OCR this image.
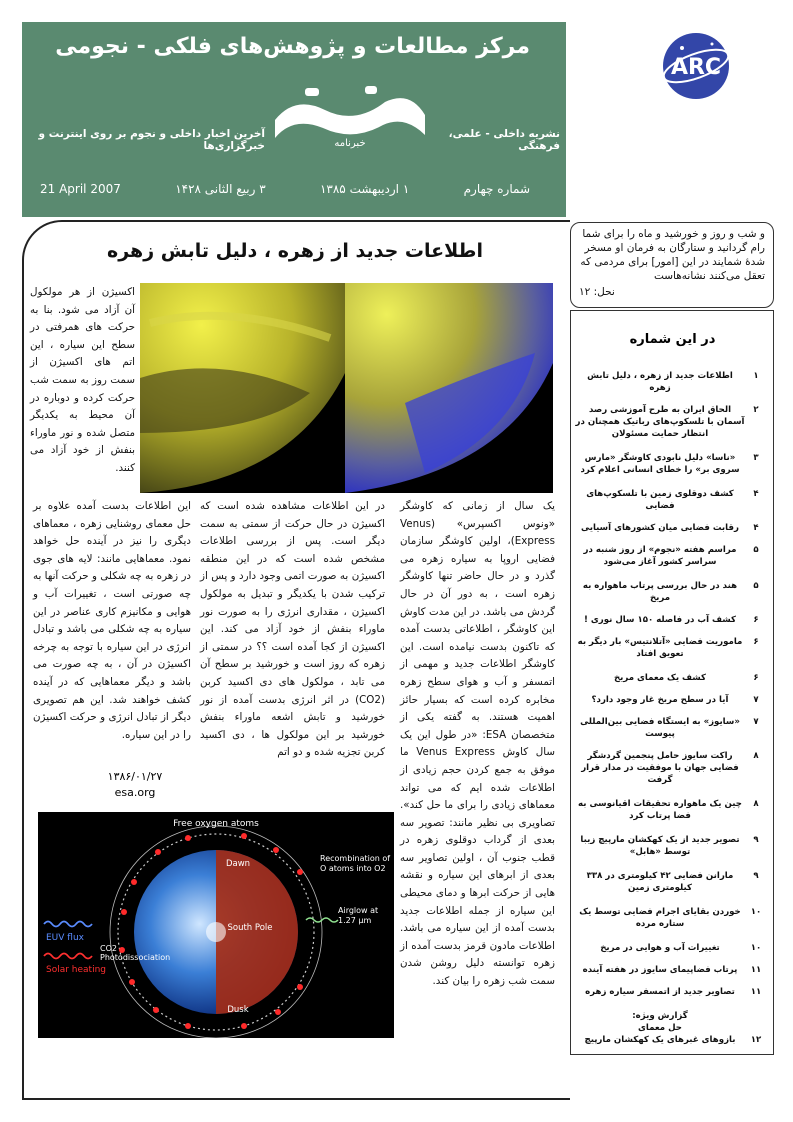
مرکز مطالعات و پژوهش‌های فلکی - نجومی
خبرنامه
آخرین اخبار داخلی و نجوم بر روی اینترنت و خبرگزاری‌ها
نشریه داخلی - علمی، فرهنگی
شماره چهارم
۱ اردیبهشت ۱۳۸۵
۳ ربیع الثانی ۱۴۲۸
21 April 2007
ARC
و شب و روز و خورشید و ماه را برای شما رام گردانید و ستارگان به فرمان او مسخر شدهٔ شمایند در این [امور] برای مردمی که تعقل می‌کنند نشانه‌هاست
نحل: ۱۲
اطلاعات جدید از زهره ، دلیل تابش زهره
اکسیژن از هر مولکول آن آزاد می شود. بنا به حرکت های همرفتی در سطح این سیاره ، این اتم های اکسیژن از سمت روز به سمت شب حرکت کرده و دوباره در آن محیط به یکدیگر متصل شده و نور ماوراء بنفش از خود آزاد می کنند.
یک سال از زمانی که کاوشگر «ونوس اکسپرس» (Venus Express)، اولین کاوشگر سازمان فضایی اروپا به سیاره زهره می گذرد و در حال حاضر تنها کاوشگر زهره است ، به دور آن در حال گردش می باشد. در این مدت کاوش این کاوشگر ، اطلاعاتی بدست آمده که تاکنون بدست نیامده است. این کاوشگر اطلاعات جدید و مهمی از اتمسفر و آب و هوای سطح زهره مخابره کرده است که بسیار حائز اهمیت هستند. به گفته یکی از متخصصان ESA: «در طول این یک سال کاوش Venus Express ما موفق به جمع کردن حجم زیادی از اطلاعات شده ایم که می تواند معماهای زیادی را برای ما حل کند». تصاویری بی نظیر مانند: تصویر سه بعدی از گرداب دوقلوی زهره در قطب جنوب آن ، اولین تصاویر سه بعدی از ابرهای این سیاره و نقشه هایی از حرکت ابرها و دمای محیطی این سیاره از جمله اطلاعات جدید بدست آمده از این سیاره می باشد. اطلاعات مادون قرمز بدست آمده از زهره توانسته دلیل روشن شدن سمت شب زهره را بیان کند.
در این اطلاعات مشاهده شده است که اکسیژن در حال حرکت از سمتی به سمت دیگر است. پس از بررسی اطلاعات مشخص شده است که در این منطقه اکسیژن به صورت اتمی وجود دارد و پس از ترکیب شدن با یکدیگر و تبدیل به مولکول اکسیژن ، مقداری انرژی را به صورت نور ماوراء بنفش از خود آزاد می کند. این اکسیژن از کجا آمده است ؟؟ در سمتی از زهره که روز است و خورشید بر سطح آن می تابد ، مولکول های دی اکسید کربن (CO2) در اثر انرژی بدست آمده از نور خورشید و تابش اشعه ماوراء بنفش خورشید بر این مولکول ها ، دی اکسید کربن تجزیه شده و دو اتم
این اطلاعات بدست آمده علاوه بر حل معمای روشنایی زهره ، معماهای دیگری را نیز در آینده حل خواهد نمود. معماهایی مانند: لایه های جوی در زهره به چه شکلی و حرکت آنها به چه صورتی است ، تغییرات آب و هوایی و مکانیزم کاری عناصر در این سیاره به چه شکلی می باشد و تبادل انرژی در این سیاره با توجه به چرخه اکسیژن در آن ، به چه صورت می باشد و دیگر معماهایی که در آینده کشف خواهند شد. این هم تصویری دیگر از تبادل انرژی و حرکت اکسیژن را در این سیاره.
۱۳۸۶/۰۱/۲۷
esa.org
Free oxygen atoms
Dawn
Dusk
South Pole
Recombination of O atoms into O2
Airglow at 1.27 µm
EUV flux
Solar heating
CO2 Photodissociation
در این شماره
۱
اطلاعات جدید از زهره ، دلیل تابش زهره
۲
الحاق ایران به طرح آموزشی رصد آسمان با تلسکوپ‌های رباتیک همچنان در انتظار حمایت مسئولان
۳
«ناسا» دلیل نابودی کاوشگر «مارس سروی بر» را خطای انسانی اعلام کرد
۴
کشف دوقلوی زمین با تلسکوپ‌های فضایی
۴
رقابت فضایی میان کشورهای آسیایی
۵
مراسم هفته «نجوم» از روز شنبه در سراسر کشور آغاز می‌شود
۵
هند در حال بررسی پرتاب ماهواره به مریخ
۶
کشف آب در فاصله ۱۵۰ سال نوری !
۶
ماموریت فضایی «آتلانتیس» بار دیگر به تعویق افتاد
۶
کشف یک معمای مریخ
۷
آیا در سطح مریخ غار وجود دارد؟
۷
«سایوز» به ایستگاه فضایی بین‌المللی پیوست
۸
راکت سایوز حامل پنجمین گردشگر فضایی جهان با موفقیت در مدار قرار گرفت
۸
چین یک ماهواره تحقیقات اقیانوسی به فضا پرتاب کرد
۹
تصویر جدید از یک کهکشان مارپیچ زیبا توسط «هابل»
۹
مارانن فضایی ۴۲ کیلومتری در ۳۳۸ کیلومتری زمین
۱۰
خوردن بقایای اجرام فضایی توسط یک ستاره مرده
۱۰
تغییرات آب و هوایی در مریخ
۱۱
پرتاب فضاپیمای سایوز در هفته آینده
۱۱
تصاویر جدید از اتمسفر سیاره زهره
۱۲
گزارش ویژه:
حل معمای
بازوهای غبرهای یک کهکشان مارپیچ
